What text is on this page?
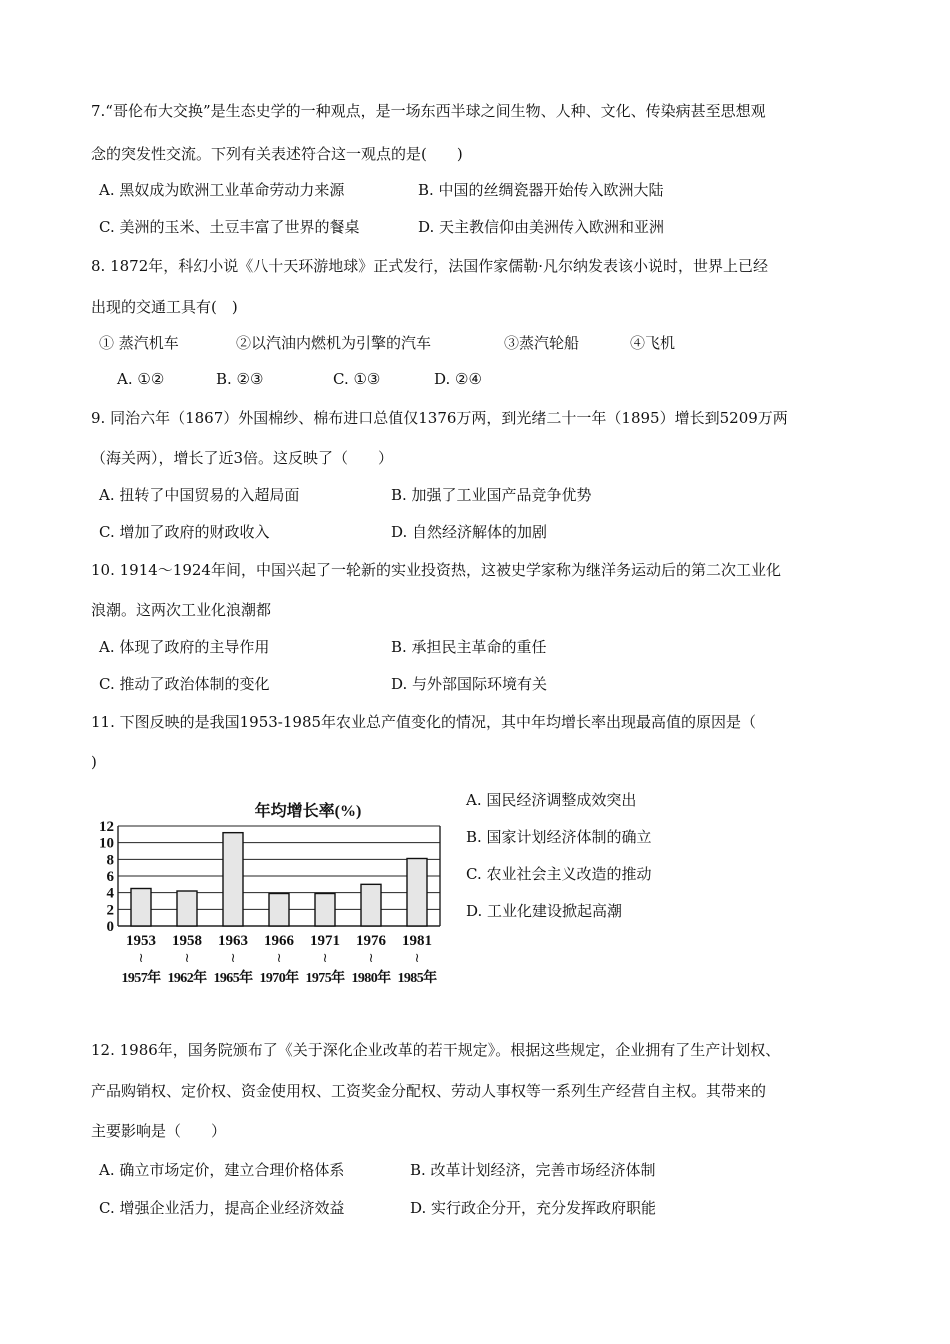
7.“哥伦布大交换”是生态史学的一种观点，是一场东西半球之间生物、人种、文化、传染病甚至思想观
念的突发性交流。下列有关表述符合这一观点的是(　　)
A. 黑奴成为欧洲工业革命劳动力来源	B. 中国的丝绸瓷器开始传入欧洲大陆
C. 美洲的玉米、土豆丰富了世界的餐桌	D. 天主教信仰由美洲传入欧洲和亚洲
8. 1872年，科幻小说《八十天环游地球》正式发行，法国作家儒勒·凡尔纳发表该小说时，世界上已经
出现的交通工具有(　)
① 蒸汽机车	②以汽油内燃机为引擎的汽车	③蒸汽轮船	④飞机
A. ①②	B. ②③	C. ①③	D. ②④
9. 同治六年（1867）外国棉纱、棉布进口总值仅1376万两，到光绪二十一年（1895）增长到5209万两
（海关两），增长了近3倍。这反映了（　　）
A. 扭转了中国贸易的入超局面	B. 加强了工业国产品竞争优势
C. 增加了政府的财政收入	D. 自然经济解体的加剧
10. 1914～1924年间，中国兴起了一轮新的实业投资热，这被史学家称为继洋务运动后的第二次工业化
浪潮。这两次工业化浪潮都
A. 体现了政府的主导作用	B. 承担民主革命的重任
C. 推动了政治体制的变化	D. 与外部国际环境有关
11. 下图反映的是我国1953-1985年农业总产值变化的情况，其中年均增长率出现最高值的原因是（
)
年均增长率(%)
0
2
4
6
8
10
12
1953
≀
1957年
1958
≀
1962年
1963
≀
1965年
1966
≀
1970年
1971
≀
1975年
1976
≀
1980年
1981
≀
1985年
A. 国民经济调整成效突出
B. 国家计划经济体制的确立
C. 农业社会主义改造的推动
D. 工业化建设掀起高潮
12. 1986年，国务院颁布了《关于深化企业改革的若干规定》。根据这些规定，企业拥有了生产计划权、
产品购销权、定价权、资金使用权、工资奖金分配权、劳动人事权等一系列生产经营自主权。其带来的
主要影响是（　　）
A. 确立市场定价，建立合理价格体系	B. 改革计划经济，完善市场经济体制
C. 增强企业活力，提高企业经济效益	D. 实行政企分开，充分发挥政府职能
